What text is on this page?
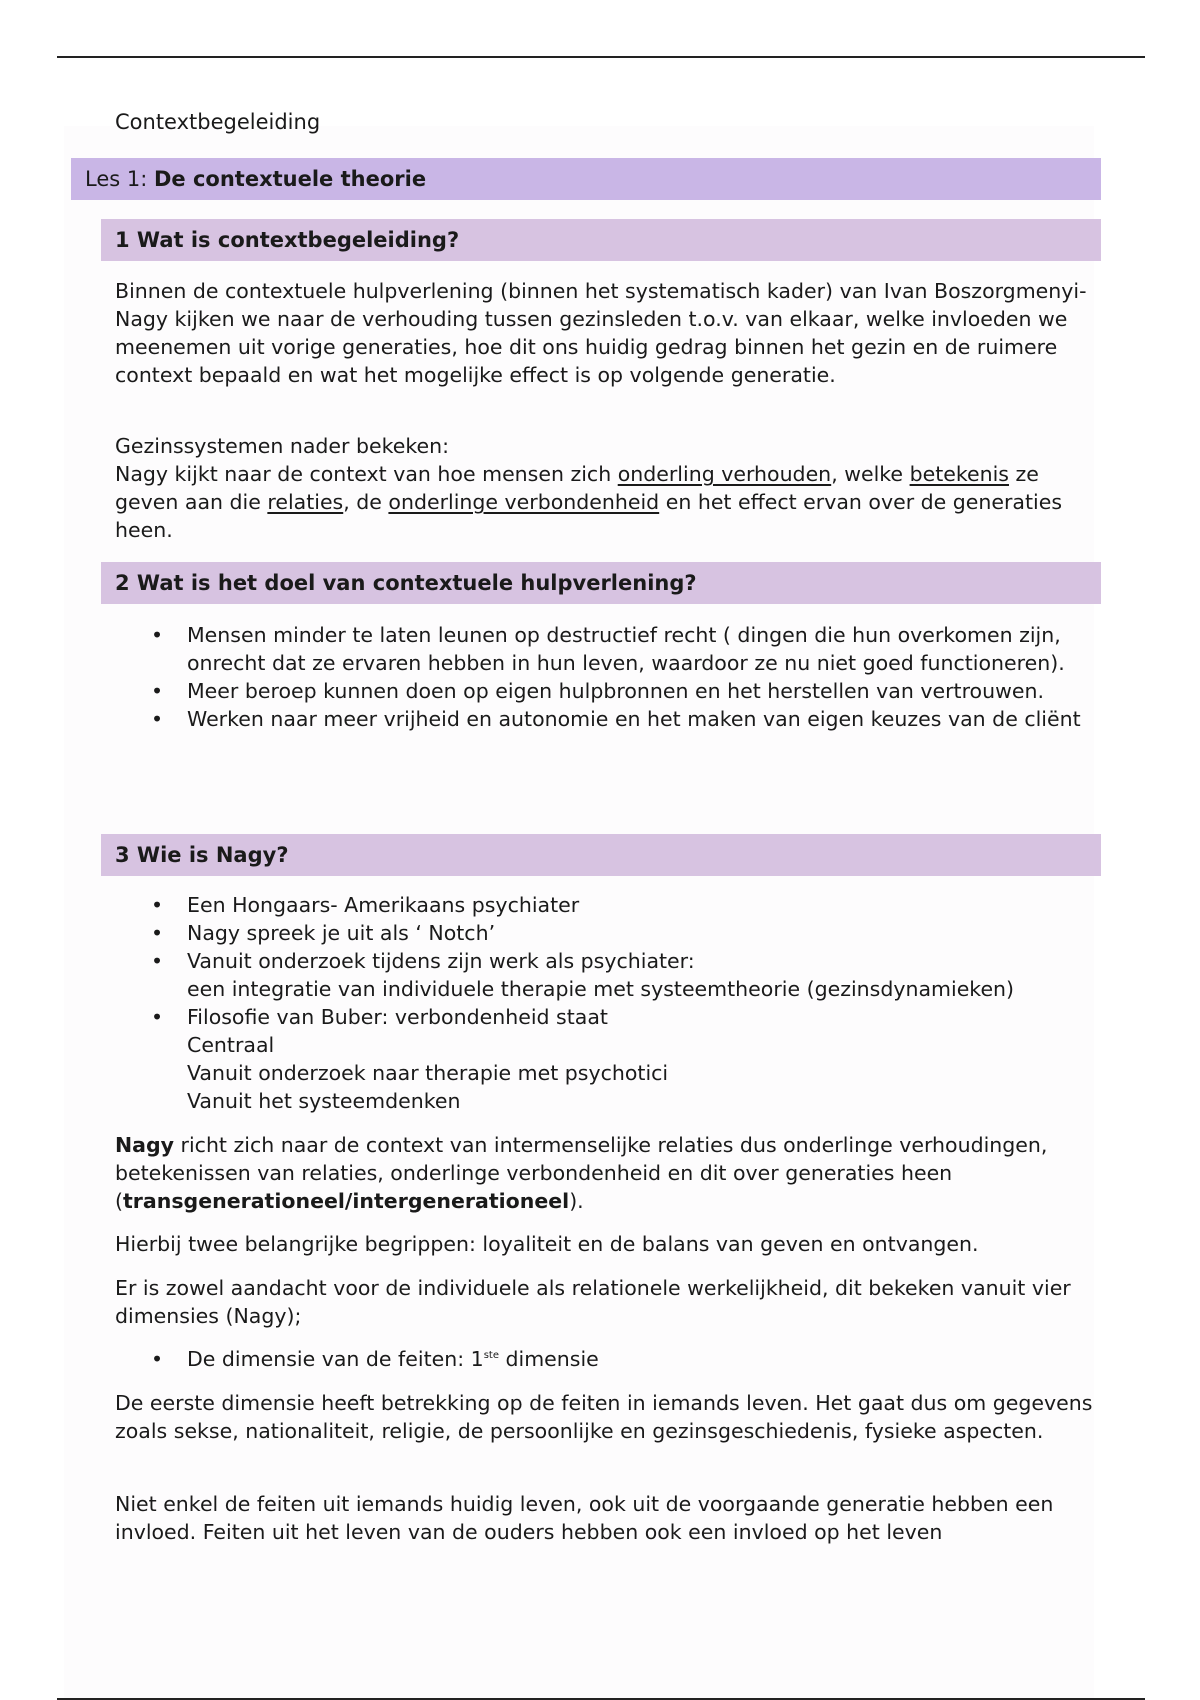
Contextbegeleiding
Les 1: De contextuele theorie
1 Wat is contextbegeleiding?
Binnen de contextuele hulpverlening (binnen het systematisch kader) van Ivan Boszorgmenyi-Nagy kijken we naar de verhouding tussen gezinsleden t.o.v. van elkaar, welke invloeden we meenemen uit vorige generaties, hoe dit ons huidig gedrag binnen het gezin en de ruimere context bepaald en wat het mogelijke effect is op volgende generatie.
Gezinssystemen nader bekeken:
Nagy kijkt naar de context van hoe mensen zich onderling verhouden, welke betekenis ze geven aan die relaties, de onderlinge verbondenheid en het effect ervan over de generaties heen.
2 Wat is het doel van contextuele hulpverlening?
• Mensen minder te laten leunen op destructief recht ( dingen die hun overkomen zijn, onrecht dat ze ervaren hebben in hun leven, waardoor ze nu niet goed functioneren).
• Meer beroep kunnen doen op eigen hulpbronnen en het herstellen van vertrouwen.
• Werken naar meer vrijheid en autonomie en het maken van eigen keuzes van de cliënt
3 Wie is Nagy?
• Een Hongaars- Amerikaans psychiater
• Nagy spreek je uit als ‘ Notch’
• Vanuit onderzoek tijdens zijn werk als psychiater:
een integratie van individuele therapie met systeemtheorie (gezinsdynamieken)
• Filosofie van Buber: verbondenheid staat
Centraal
Vanuit onderzoek naar therapie met psychotici
Vanuit het systeemdenken
Nagy richt zich naar de context van intermenselijke relaties dus onderlinge verhoudingen, betekenissen van relaties, onderlinge verbondenheid en dit over generaties heen (transgenerationeel/intergenerationeel).
Hierbij twee belangrijke begrippen: loyaliteit en de balans van geven en ontvangen.
Er is zowel aandacht voor de individuele als relationele werkelijkheid, dit bekeken vanuit vier dimensies (Nagy);
• De dimensie van de feiten: 1ste dimensie
De eerste dimensie heeft betrekking op de feiten in iemands leven. Het gaat dus om gegevens zoals sekse, nationaliteit, religie, de persoonlijke en gezinsgeschiedenis, fysieke aspecten.
Niet enkel de feiten uit iemands huidig leven, ook uit de voorgaande generatie hebben een invloed. Feiten uit het leven van de ouders hebben ook een invloed op het leven
